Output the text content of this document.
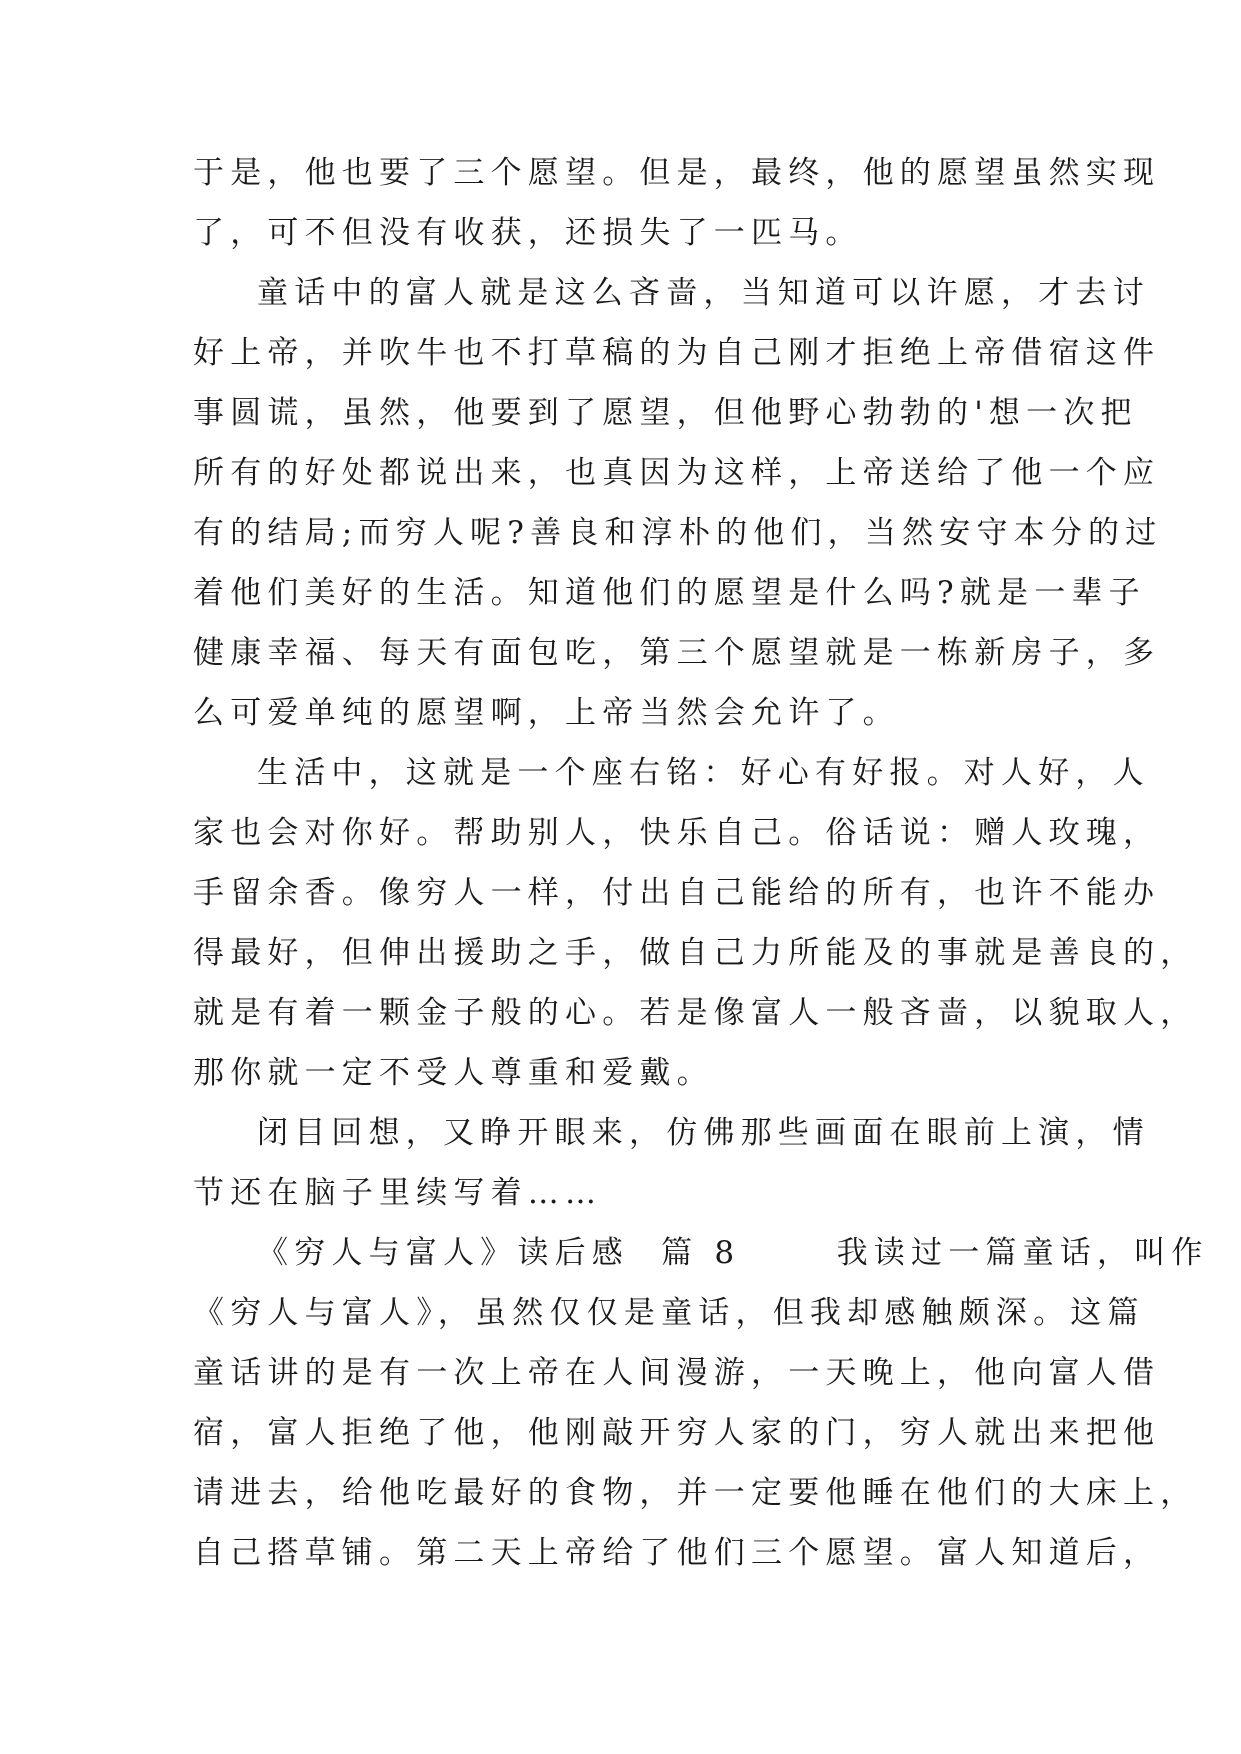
于是，他也要了三个愿望。但是，最终，他的愿望虽然实现
了，可不但没有收获，还损失了一匹马。
童话中的富人就是这么吝啬，当知道可以许愿，才去讨
好上帝，并吹牛也不打草稿的为自己刚才拒绝上帝借宿这件
事圆谎，虽然，他要到了愿望，但他野心勃勃的'想一次把
所有的好处都说出来，也真因为这样，上帝送给了他一个应
有的结局;而穷人呢?善良和淳朴的他们，当然安守本分的过
着他们美好的生活。知道他们的愿望是什么吗?就是一辈子
健康幸福、每天有面包吃，第三个愿望就是一栋新房子，多
么可爱单纯的愿望啊，上帝当然会允许了。
生活中，这就是一个座右铭：好心有好报。对人好，人
家也会对你好。帮助别人，快乐自己。俗话说：赠人玫瑰，
手留余香。像穷人一样，付出自己能给的所有，也许不能办
得最好，但伸出援助之手，做自己力所能及的事就是善良的，
就是有着一颗金子般的心。若是像富人一般吝啬，以貌取人，
那你就一定不受人尊重和爱戴。
闭目回想，又睁开眼来，仿佛那些画面在眼前上演，情
节还在脑子里续写着……
《穷人与富人》读后感  篇 8      我读过一篇童话，叫作
《穷人与富人》，虽然仅仅是童话，但我却感触颇深。这篇
童话讲的是有一次上帝在人间漫游，一天晚上，他向富人借
宿，富人拒绝了他，他刚敲开穷人家的门，穷人就出来把他
请进去，给他吃最好的食物，并一定要他睡在他们的大床上，
自己搭草铺。第二天上帝给了他们三个愿望。富人知道后，
